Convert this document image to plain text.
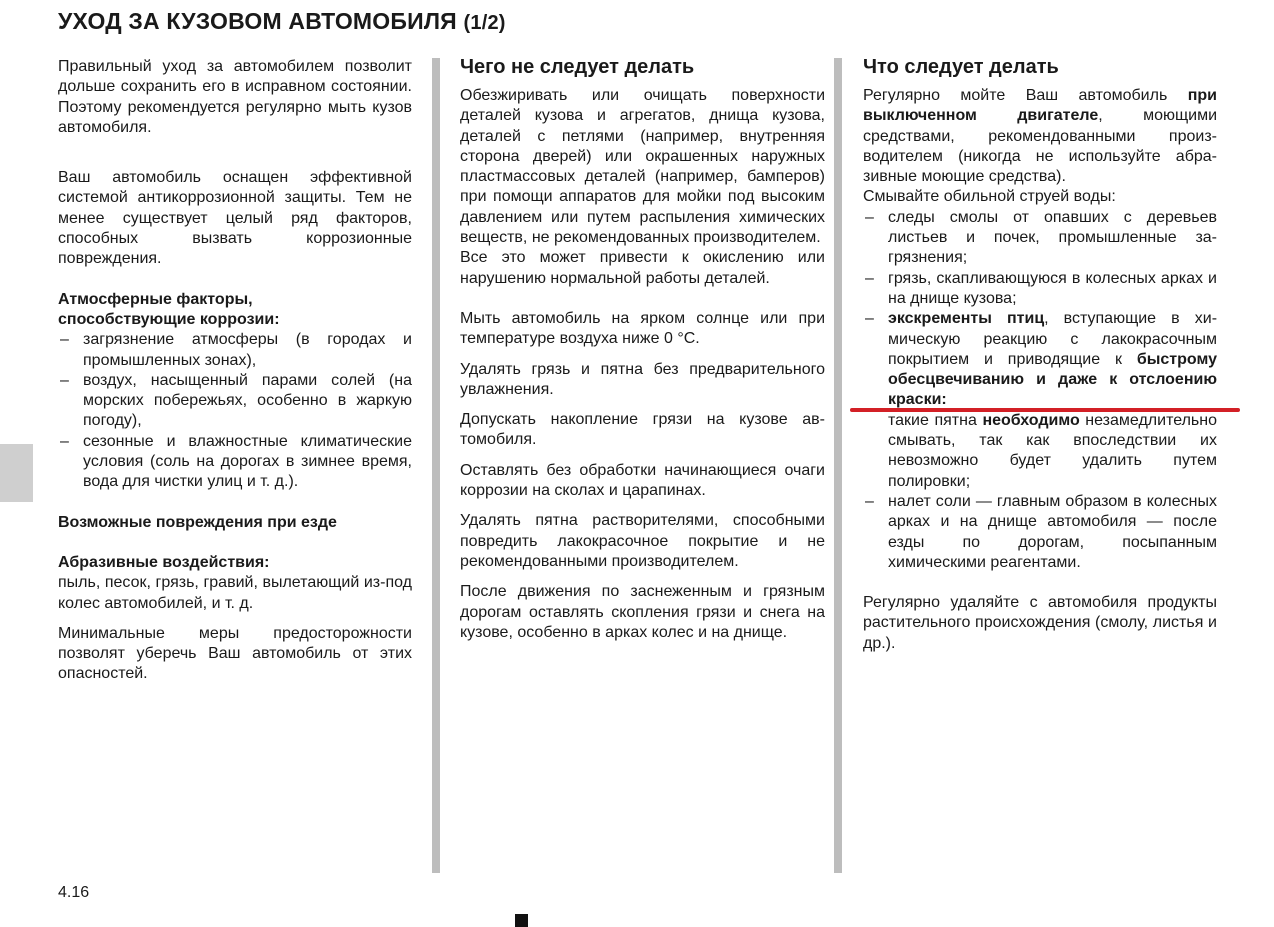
УХОД ЗА КУЗОВОМ АВТОМОБИЛЯ (1/2)

Правильный уход за автомобилем позволит дольше сохранить его в исправном состоянии. Поэтому рекомендуется регулярно мыть кузов автомобиля.

Ваш автомобиль оснащен эффективной системой антикоррозионной защиты. Тем не менее существует целый ряд факторов, способных вызвать коррозионные повреждения.

Атмосферные факторы,
способствующие коррозии:

– загрязнение атмосферы (в городах и промышленных зонах),
– воздух, насыщенный парами солей (на морских побережьях, особенно в жаркую погоду),
– сезонные и влажностные климатические условия (соль на дорогах в зимнее время, вода для чистки улиц и т. д.).

Возможные повреждения при езде

Абразивные воздействия:

пыль, песок, грязь, гравий, вылетающий из-под колес автомобилей, и т. д.

Минимальные меры предосторожности позволят уберечь Ваш автомобиль от этих опасностей.

Чего не следует делать

Обезжиривать или очищать поверхности деталей кузова и агрегатов, днища кузова, деталей с петлями (например, внутренняя сторона дверей) или окрашенных наружных пластмассовых деталей (например, бамперов) при помощи аппаратов для мойки под высоким давлением или путем распыления химических веществ, не рекомендованных производителем.

Все это может привести к окислению или нарушению нормальной работы деталей.

Мыть автомобиль на ярком солнце или при температуре воздуха ниже 0 °С.

Удалять грязь и пятна без предварительного увлажнения.

Допускать накопление грязи на кузове автомобиля.

Оставлять без обработки начинающиеся очаги коррозии на сколах и царапинах.

Удалять пятна растворителями, способными повредить лакокрасочное покрытие и не рекомендованными производителем.

После движения по заснеженным и грязным дорогам оставлять скопления грязи и снега на кузове, особенно в арках колес и на днище.

Что следует делать

Регулярно мойте Ваш автомобиль при выключенном двигателе, моющими средствами, рекомендованными производителем (никогда не используйте абразивные моющие средства).

Смывайте обильной струей воды:

– следы смолы от опавших с деревьев листьев и почек, промышленные загрязнения;
– грязь, скапливающуюся в колесных арках и на днище кузова;
– экскременты птиц, вступающие в химическую реакцию с лакокрасочным покрытием и приводящие к быстрому обесцвечиванию и даже к отслоению краски:

такие пятна необходимо незамедлительно смывать, так как впоследствии их невозможно будет удалить путем полировки;

– налет соли — главным образом в колесных арках и на днище автомобиля — после езды по дорогам, посыпанным химическими реагентами.

Регулярно удаляйте с автомобиля продукты растительного происхождения (смолу, листья и др.).

4.16
